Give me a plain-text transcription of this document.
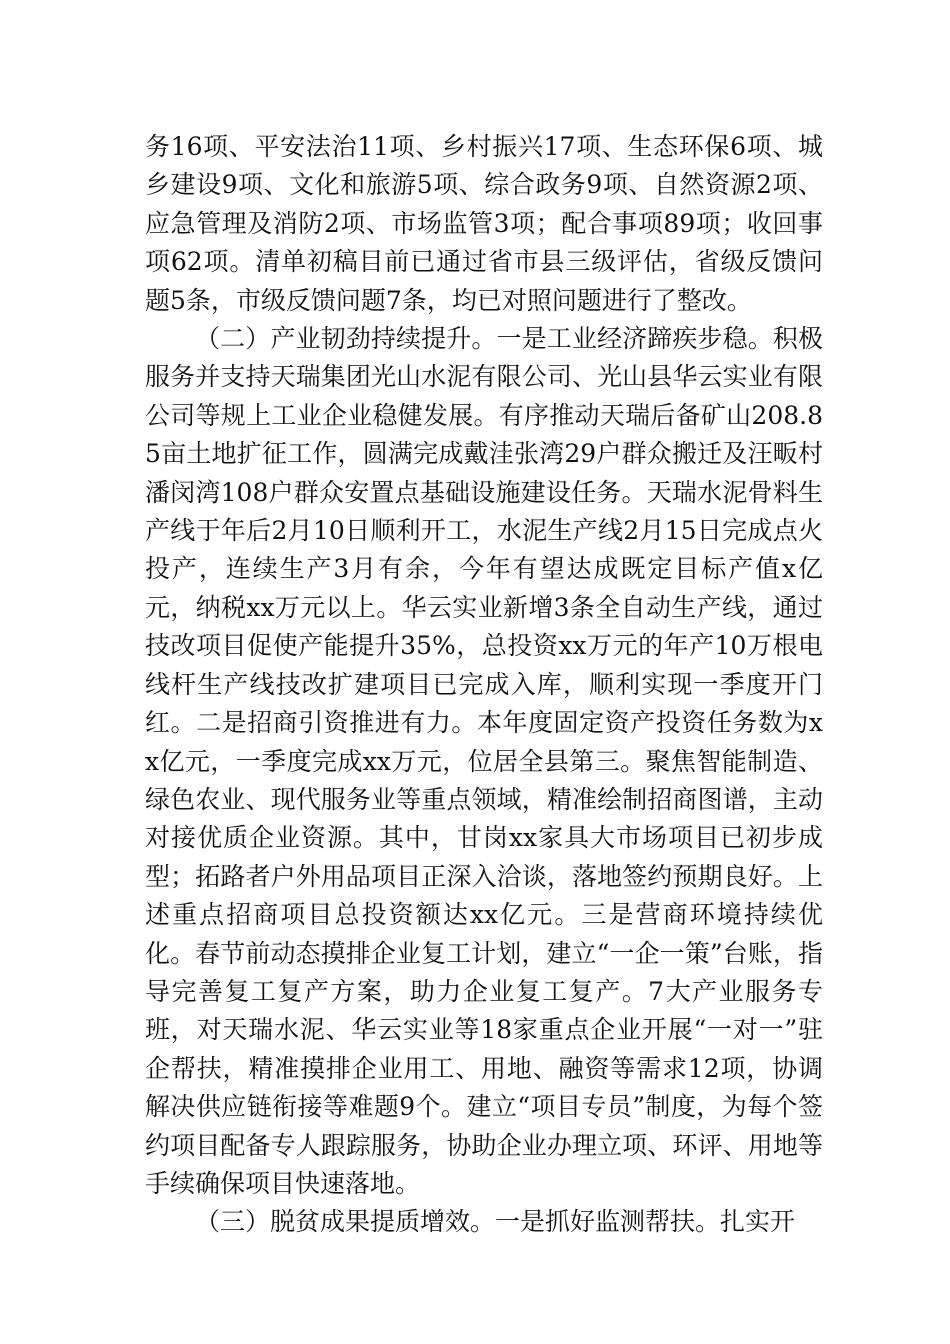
务16项、平安法治11项、乡村振兴17项、生态环保6项、城乡建设9项、文化和旅游5项、综合政务9项、自然资源2项、应急管理及消防2项、市场监管3项；配合事项89项；收回事项62项。清单初稿目前已通过省市县三级评估，省级反馈问题5条，市级反馈问题7条，均已对照问题进行了整改。

（二）产业韧劲持续提升。一是工业经济蹄疾步稳。积极服务并支持天瑞集团光山水泥有限公司、光山县华云实业有限公司等规上工业企业稳健发展。有序推动天瑞后备矿山208.85亩土地扩征工作，圆满完成戴洼张湾29户群众搬迁及汪畈村潘闵湾108户群众安置点基础设施建设任务。天瑞水泥骨料生产线于年后2月10日顺利开工，水泥生产线2月15日完成点火投产，连续生产3月有余，今年有望达成既定目标产值x亿元，纳税xx万元以上。华云实业新增3条全自动生产线，通过技改项目促使产能提升35%，总投资xx万元的年产10万根电线杆生产线技改扩建项目已完成入库，顺利实现一季度开门红。二是招商引资推进有力。本年度固定资产投资任务数为xx亿元，一季度完成xx万元，位居全县第三。聚焦智能制造、绿色农业、现代服务业等重点领域，精准绘制招商图谱，主动对接优质企业资源。其中，甘岗xx家具大市场项目已初步成型；拓路者户外用品项目正深入洽谈，落地签约预期良好。上述重点招商项目总投资额达xx亿元。三是营商环境持续优化。春节前动态摸排企业复工计划，建立“一企一策”台账，指导完善复工复产方案，助力企业复工复产。7大产业服务专班，对天瑞水泥、华云实业等18家重点企业开展“一对一”驻企帮扶，精准摸排企业用工、用地、融资等需求12项，协调解决供应链衔接等难题9个。建立“项目专员”制度，为每个签约项目配备专人跟踪服务，协助企业办理立项、环评、用地等手续确保项目快速落地。

（三）脱贫成果提质增效。一是抓好监测帮扶。扎实开
